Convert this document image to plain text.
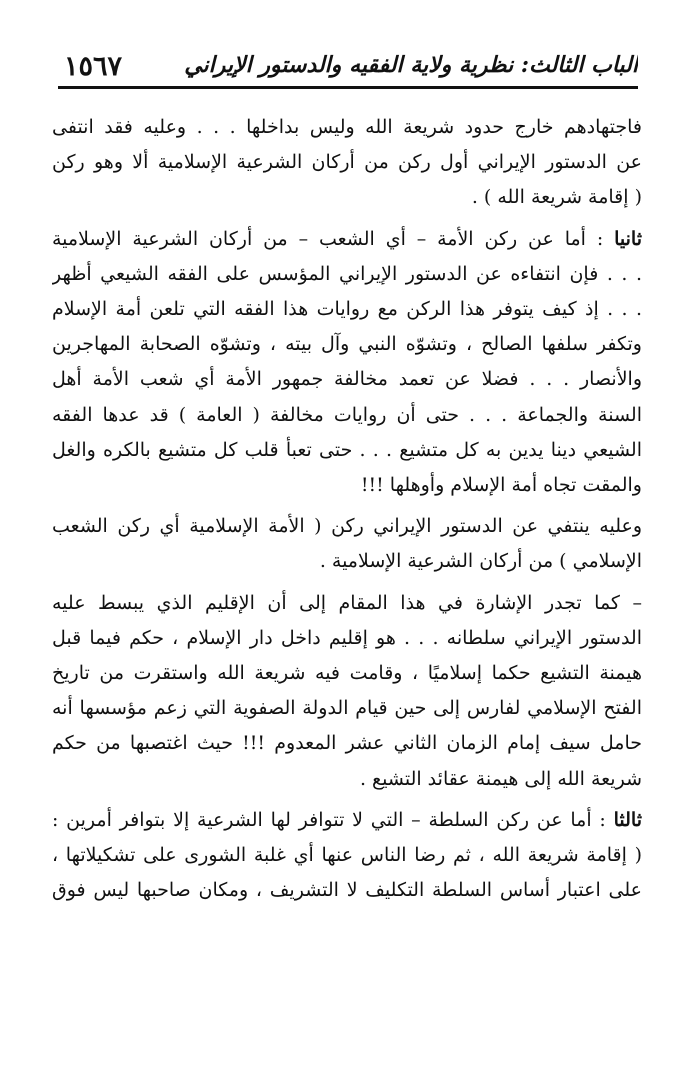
١٥٦٧	الباب الثالث: نظرية ولاية الفقيه والدستور الإيراني

فاجتهادهم خارج حدود شريعة الله وليس بداخلها . . . وعليه فقد انتفى
عن الدستور الإيراني أول ركن من أركان الشرعية الإسلامية ألا وهو ركن
( إقامة شريعة الله ) .

ثانيا : أما عن ركن الأمة – أي الشعب – من أركان الشرعية الإسلامية
. . . فإن انتفاءه عن الدستور الإيراني المؤسس على الفقه الشيعي أظهر
. . . إذ كيف يتوفر هذا الركن مع روايات هذا الفقه التي تلعن أمة الإسلام
وتكفر سلفها الصالح ، وتشوّه النبي وآل بيته ، وتشوّه الصحابة المهاجرين
والأنصار . . . فضلا عن تعمد مخالفة جمهور الأمة أي شعب الأمة أهل
السنة والجماعة . . . حتى أن روايات مخالفة ( العامة ) قد عدها الفقه
الشيعي دينا يدين به كل متشيع . . . حتى تعبأ قلب كل متشيع بالكره والغل
والمقت تجاه أمة الإسلام وأوهلها !!!

وعليه ينتفي عن الدستور الإيراني ركن ( الأمة الإسلامية أي ركن الشعب
الإسلامي ) من أركان الشرعية الإسلامية .

– كما تجدر الإشارة في هذا المقام إلى أن الإقليم الذي يبسط عليه
الدستور الإيراني سلطانه . . . هو إقليم داخل دار الإسلام ، حكم فيما قبل
هيمنة التشيع حكما إسلاميًا ، وقامت فيه شريعة الله واستقرت من تاريخ
الفتح الإسلامي لفارس إلى حين قيام الدولة الصفوية التي زعم مؤسسها أنه
حامل سيف إمام الزمان الثاني عشر المعدوم !!! حيث اغتصبها من حكم
شريعة الله إلى هيمنة عقائد التشيع .

ثالثا : أما عن ركن السلطة – التي لا تتوافر لها الشرعية إلا بتوافر أمرين :
( إقامة شريعة الله ، ثم رضا الناس عنها أي غلبة الشورى على تشكيلاتها ،
على اعتبار أساس السلطة التكليف لا التشريف ، ومكان صاحبها ليس فوق
